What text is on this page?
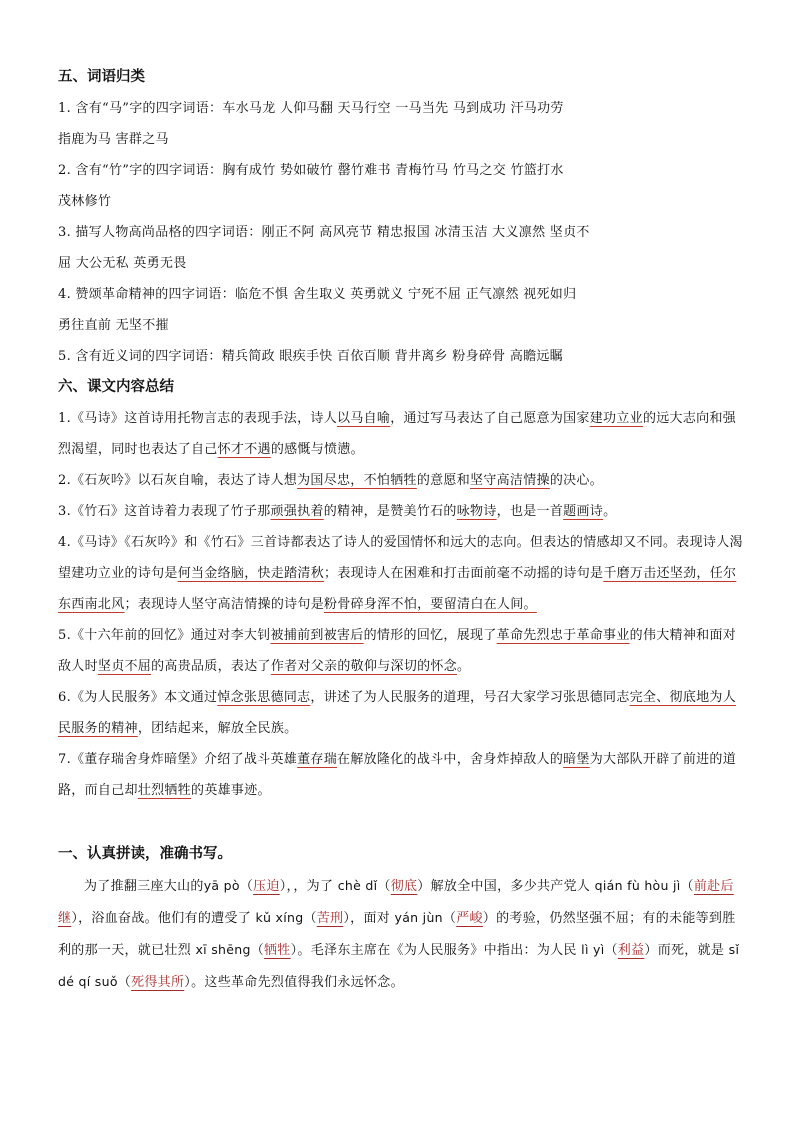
五、词语归类

1. 含有“马”字的四字词语：车水马龙 人仰马翻 天马行空 一马当先 马到成功 汗马功劳

指鹿为马 害群之马

2. 含有“竹”字的四字词语：胸有成竹 势如破竹 罄竹难书 青梅竹马 竹马之交 竹篮打水

茂林修竹

3. 描写人物高尚品格的四字词语：刚正不阿 高风亮节 精忠报国 冰清玉洁 大义凛然 坚贞不

屈 大公无私 英勇无畏

4. 赞颂革命精神的四字词语：临危不惧 舍生取义 英勇就义 宁死不屈 正气凛然 视死如归

勇往直前 无坚不摧

5. 含有近义词的四字词语：精兵简政 眼疾手快 百依百顺 背井离乡 粉身碎骨 高瞻远瞩

六、课文内容总结

1.《马诗》这首诗用托物言志的表现手法，诗人以马自喻，通过写马表达了自己愿意为国家建功立业的远大志向和强烈渴望，同时也表达了自己怀才不遇的感慨与愤懑。

2.《石灰吟》以石灰自喻，表达了诗人想为国尽忠，不怕牺牲的意愿和坚守高洁情操的决心。

3.《竹石》这首诗着力表现了竹子那顽强执着的精神，是赞美竹石的咏物诗，也是一首题画诗。

4.《马诗》《石灰吟》和《竹石》三首诗都表达了诗人的爱国情怀和远大的志向。但表达的情感却又不同。表现诗人渴望建功立业的诗句是何当金络脑，快走踏清秋；表现诗人在困难和打击面前毫不动摇的诗句是千磨万击还坚劲，任尔东西南北风；表现诗人坚守高洁情操的诗句是粉骨碎身浑不怕，要留清白在人间。

5.《十六年前的回忆》通过对李大钊被捕前到被害后的情形的回忆，展现了革命先烈忠于革命事业的伟大精神和面对敌人时坚贞不屈的高贵品质，表达了作者对父亲的敬仰与深切的怀念。

6.《为人民服务》本文通过悼念张思德同志，讲述了为人民服务的道理，号召大家学习张思德同志完全、彻底地为人民服务的精神，团结起来，解放全民族。

7.《董存瑞舍身炸暗堡》介绍了战斗英雄董存瑞在解放隆化的战斗中，舍身炸掉敌人的暗堡为大部队开辟了前进的道路，而自己却壮烈牺牲的英雄事迹。

一、认真拼读，准确书写。

为了推翻三座大山的yā pò（压迫），，为了 chè dǐ（彻底）解放全中国，多少共产党人 qián fù hòu jì（前赴后继），浴血奋战。他们有的遭受了 kǔ xíng（苦刑），面对 yán jùn（严峻）的考验，仍然坚强不屈；有的未能等到胜利的那一天，就已壮烈 xī shēng（牺牲）。毛泽东主席在《为人民服务》中指出：为人民 lì yì（利益）而死，就是 sǐ dé qí suǒ（死得其所）。这些革命先烈值得我们永远怀念。
